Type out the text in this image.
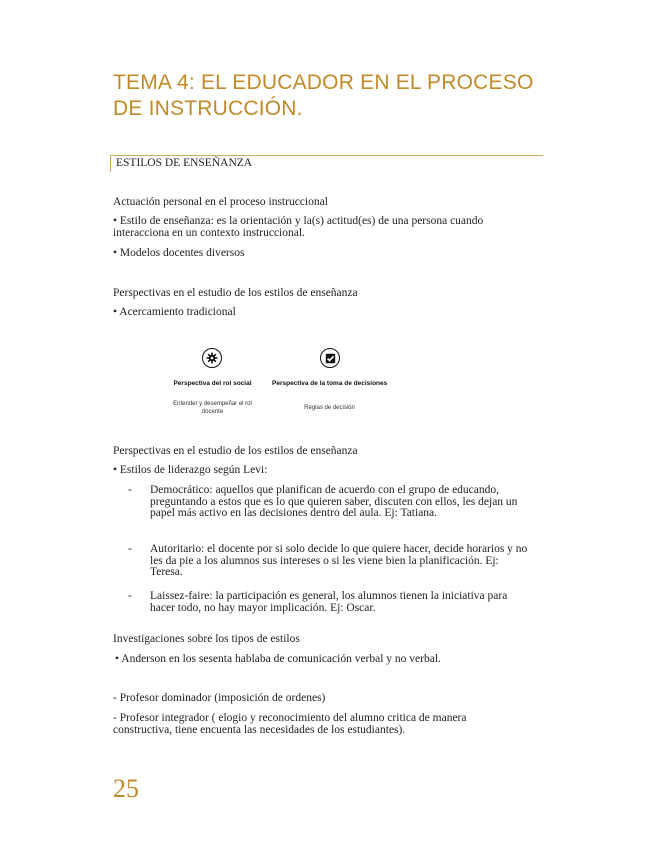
TEMA 4: EL EDUCADOR EN EL PROCESO DE INSTRUCCIÓN.
ESTILOS DE ENSEÑANZA
Actuación personal en el proceso instruccional
• Estilo de enseñanza: es la orientación y la(s) actitud(es) de una persona cuando interacciona en un contexto instruccional.
• Modelos docentes diversos
Perspectivas en el estudio de los estilos de enseñanza
• Acercamiento tradicional
Perspectiva del rol social
Entender y desempeñar el rol docente
Perspectiva de la toma de decisiones
Reglas de decisión
Perspectivas en el estudio de los estilos de enseñanza
• Estilos de liderazgo según Levi:
- Democrático: aquellos que planifican de acuerdo con el grupo de educando, preguntando a estos que es lo que quieren saber, discuten con ellos, les dejan un papel más activo en las decisiones dentro del aula. Ej: Tatiana.
- Autoritario: el docente por si solo decide lo que quiere hacer, decide horarios y no les da pie a los alumnos sus intereses o si les viene bien la planificación. Ej: Teresa.
- Laissez-faire: la participación es general, los alumnos tienen la iniciativa para hacer todo, no hay mayor implicación. Ej: Oscar.
Investigaciones sobre los tipos de estilos
• Anderson en los sesenta hablaba de comunicación verbal y no verbal.
- Profesor dominador (imposición de ordenes)
- Profesor integrador ( elogio y reconocimiento del alumno critica de manera constructiva, tiene encuenta las necesidades de los estudiantes).
25
